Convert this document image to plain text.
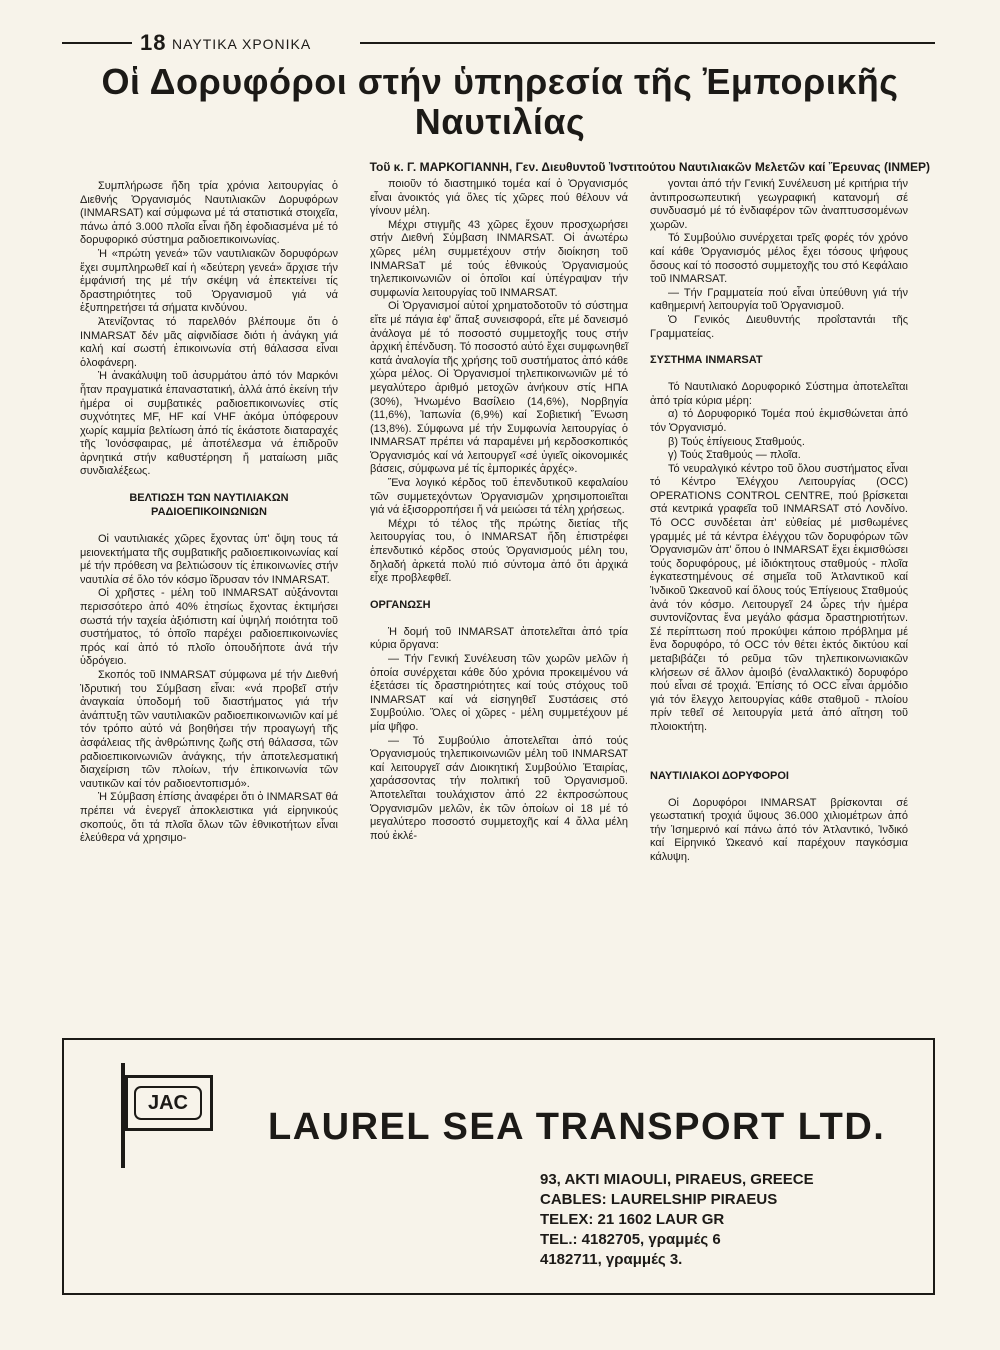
18 ΝΑΥΤΙΚΑ ΧΡΟΝΙΚΑ
Οἱ Δορυφόροι στήν ὑπηρεσία τῆς Ἐμπορικῆς
Ναυτιλίας
Τοῦ κ. Γ. ΜΑΡΚΟΓΙΑΝΝΗ, Γεν. Διευθυντοῦ Ἰνστιτούτου Ναυτιλιακῶν Μελετῶν καί Ἔρευνας (INMEP)

Συμπλήρωσε ἤδη τρία χρόνια λειτουργίας ὁ Διεθνής Ὀργανισμός Ναυτιλιακῶν Δορυφόρων (INMARSAT) καί σύμφωνα μέ τά στατιστικά στοιχεῖα, πάνω ἀπό 3.000 πλοῖα εἶναι ἤδη ἐφοδιασμένα μέ τό δορυφορικό σύστημα ραδιοεπικοινωνίας.

Ἡ «πρώτη γενεά» τῶν ναυτιλιακῶν δορυφόρων ἔχει συμπληρωθεῖ καί ἡ «δεύτερη γενεά» ἄρχισε τήν ἐμφάνισή της μέ τήν σκέψη νά ἐπεκτείνει τίς δραστηριότητες τοῦ Ὀργανισμοῦ γιά νά ἐξυπηρετήσει τά σήματα κινδύνου.

Ἀτενίζοντας τό παρελθόν βλέπουμε ὅτι ὁ INMARSAT δέν μᾶς αἰφνιδίασε διότι ἡ ἀνάγκη γιά καλή καί σωστή ἐπικοινωνία στή θάλασσα εἶναι ὁλοφάνερη.

Ἡ ἀνακάλυψη τοῦ ἀσυρμάτου ἀπό τόν Μαρκόνι ἦταν πραγματικά ἐπαναστατική, ἀλλά ἀπό ἐκείνη τήν ἡμέρα οἱ συμβατικές ραδιοεπικοινωνίες στίς συχνότητες MF, HF καί VHF ἀκόμα ὑπόφερουν χωρίς καμμία βελτίωση ἀπό τίς ἑκάστοτε διαταραχές τῆς Ἰονόσφαιρας, μέ ἀποτέλεσμα νά ἐπιδροῦν ἀρνητικά στήν καθυστέρηση ἤ ματαίωση μιᾶς συνδιαλέξεως.

ΒΕΛΤΙΩΣΗ ΤΩΝ ΝΑΥΤΙΛΙΑΚΩΝ ΡΑΔΙΟΕΠΙΚΟΙΝΩΝΙΩΝ

Οἱ ναυτιλιακές χῶρες ἔχοντας ὑπ' ὄψη τους τά μειονεκτήματα τῆς συμβατικῆς ραδιοεπικοινωνίας καί μέ τήν πρόθεση να βελτιώσουν τίς ἐπικοινωνίες στήν ναυτιλία σέ ὅλο τόν κόσμο ἵδρυσαν τόν INMARSAT.

Οἱ χρῆστες - μέλη τοῦ INMARSAT αὐξάνονται περισσότερο ἀπό 40% ἐτησίως ἔχοντας ἐκτιμήσει σωστά τήν ταχεία ἀξιόπιστη καί ὑψηλή ποιότητα τοῦ συστήματος, τό ὁποῖο παρέχει ραδιοεπικοινωνίες πρός καί ἀπό τό πλοῖο ὁπουδήποτε ἀνά τήν ὑδρόγειο.

Σκοπός τοῦ INMARSAT σύμφωνα μέ τήν Διεθνή Ἱδρυτική του Σύμβαση εἶναι: «νά προβεῖ στήν ἀναγκαία ὑποδομή τοῦ διαστήματος γιά τήν ἀνάπτυξη τῶν ναυτιλιακῶν ραδιοεπικοινωνιῶν καί μέ τόν τρόπο αὐτό νά βοηθήσει τήν προαγωγή τῆς ἀσφάλειας τῆς ἀνθρώπινης ζωῆς στή θάλασσα, τῶν ραδιοεπικοινωνιῶν ἀνάγκης, τήν ἀποτελεσματική διαχείριση τῶν πλοίων, τήν ἐπικοινωνία τῶν ναυτικῶν καί τόν ραδιοεντοπισμό».

Ἡ Σύμβαση ἐπίσης ἀναφέρει ὅτι ὁ INMARSAT θά πρέπει νά ἐνεργεῖ ἀποκλειστικα γιά εἰρηνικούς σκοπούς, ὅτι τά πλοῖα ὅλων τῶν ἐθνικοτήτων εἶναι ἐλεύθερα νά χρησιμο-

ποιοῦν τό διαστημικό τομέα καί ὁ Ὀργανισμός εἶναι ἀνοικτός γιά ὅλες τίς χῶρες πού θέλουν νά γίνουν μέλη.

Μέχρι στιγμῆς 43 χῶρες ἔχουν προσχωρήσει στήν Διεθνή Σύμβαση INMARSAT. Οἱ ἀνωτέρω χῶρες μέλη συμμετέχουν στήν διοίκηση τοῦ INMARSaT μέ τούς ἐθνικούς Ὀργανισμούς τηλεπικοινωνιῶν οἱ ὁποῖοι καί ὑπέγραψαν τήν συμφωνία λειτουργίας τοῦ INMARSAT.

Οἱ Ὀργανισμοί αὐτοί χρηματοδοτοῦν τό σύστημα εἴτε μέ πάγια ἐφ' ἅπαξ συνεισφορά, εἴτε μέ δανεισμό ἀνάλογα μέ τό ποσοστό συμμετοχῆς τους στήν ἀρχική ἐπένδυση. Τό ποσοστό αὐτό ἔχει συμφωνηθεῖ κατά ἀναλογία τῆς χρήσης τοῦ συστήματος ἀπό κάθε χώρα μέλος. Οἱ Ὀργανισμοί τηλεπικοινωνιῶν μέ τό μεγαλύτερο ἀριθμό μετοχῶν ἀνήκουν στίς ΗΠΑ (30%), Ἡνωμένο Βασίλειο (14,6%), Νορβηγία (11,6%), Ἰαπωνία (6,9%) καί Σοβιετική Ἕνωση (13,8%). Σύμφωνα μέ τήν Συμφωνία λειτουργίας ὁ INMARSAT πρέπει νά παραμένει μή κερδοσκοπικός Ὀργανισμός καί νά λειτουργεῖ «σέ ὑγιεῖς οἰκονομικές βάσεις, σύμφωνα μέ τίς ἐμπορικές ἀρχές».

Ἕνα λογικό κέρδος τοῦ ἐπενδυτικοῦ κεφαλαίου τῶν συμμετεχόντων Ὀργανισμῶν χρησιμοποιεῖται γιά νά ἐξισορροπήσει ἤ νά μειώσει τά τέλη χρήσεως.

Μέχρι τό τέλος τῆς πρώτης διετίας τῆς λειτουργίας του, ὁ INMARSAT ἤδη ἐπιστρέφει ἐπενδυτικό κέρδος στούς Ὀργανισμούς μέλη του, δηλαδή ἀρκετά πολύ πιό σύντομα ἀπό ὅτι ἀρχικά εἶχε προβλεφθεῖ.

ΟΡΓΑΝΩΣΗ

Ἡ δομή τοῦ INMARSAT ἀποτελεῖται ἀπό τρία κύρια ὄργανα:

— Τήν Γενική Συνέλευση τῶν χωρῶν μελῶν ἡ ὁποία συνέρχεται κάθε δύο χρόνια προκειμένου νά ἐξετάσει τίς δραστηριότητες καί τούς στόχους τοῦ INMARSAT καί νά εἰσηγηθεῖ Συστάσεις στό Συμβούλιο. Ὅλες οἱ χῶρες - μέλη συμμετέχουν μέ μία ψῆφο.

— Τό Συμβούλιο ἀποτελεῖται ἀπό τούς Ὀργανισμούς τηλεπικοινωνιῶν μέλη τοῦ INMARSAT καί λειτουργεῖ σάν Διοικητική Συμβούλιο Ἐταιρίας, χαράσσοντας τήν πολιτική τοῦ Ὀργανισμοῦ. Ἀποτελεῖται τουλάχιστον ἀπό 22 ἐκπροσώπους Ὀργανισμῶν μελῶν, ἐκ τῶν ὁποίων οἱ 18 μέ τό μεγαλύτερο ποσοστό συμμετοχῆς καί 4 ἄλλα μέλη πού ἐκλέ-

γονται ἀπό τήν Γενική Συνέλευση μέ κριτήρια τήν ἀντιπροσωπευτική γεωγραφική κατανομή σέ συνδυασμό μέ τό ἐνδιαφέρον τῶν ἀναπτυσσομένων χωρῶν.

Τό Συμβούλιο συνέρχεται τρεῖς φορές τόν χρόνο καί κάθε Ὀργανισμός μέλος ἔχει τόσους ψήφους ὅσους καί τό ποσοστό συμμετοχῆς του στό Κεφάλαιο τοῦ INMARSAT.

— Τήν Γραμματεία πού εἶναι ὑπεύθυνη γιά τήν καθημερινή λειτουργία τοῦ Ὀργανισμοῦ.

Ὁ Γενικός Διευθυντής προΐσταντάι τῆς Γραμματείας.

ΣΥΣΤΗΜΑ INMARSAT

Τό Ναυτιλιακό Δορυφορικό Σύστημα ἀποτελεῖται ἀπό τρία κύρια μέρη:

α) τό Δορυφορικό Τομέα πού ἐκμισθώνεται ἀπό τόν Ὀργανισμό.

β) Τούς ἐπίγειους Σταθμούς.

γ) Τούς Σταθμούς — πλοῖα.

Τό νευραλγικό κέντρο τοῦ ὅλου συστήματος εἶναι τό Κέντρο Ἐλέγχου Λειτουργίας (OCC) OPERATIONS CONTROL CENTRE, πού βρίσκεται στά κεντρικά γραφεῖα τοῦ INMARSAT στό Λονδίνο. Τό OCC συνδέεται ἀπ' εὐθείας μέ μισθωμένες γραμμές μέ τά κέντρα ἐλέγχου τῶν δορυφόρων τῶν Ὀργανισμῶν ἀπ' ὅπου ὁ INMARSAT ἔχει ἐκμισθώσει τούς δορυφόρους, μέ ἰδιόκτητους σταθμούς - πλοῖα ἐγκατεστημένους σέ σημεῖα τοῦ Ἀτλαντικοῦ καί Ἰνδικοῦ Ὠκεανοῦ καί ὅλους τούς Ἐπίγειους Σταθμούς ἀνά τόν κόσμο. Λειτουργεῖ 24 ὧρες τήν ἡμέρα συντονίζοντας ἕνα μεγάλο φάσμα δραστηριοτήτων. Σέ περίπτωση πού προκύψει κάποιο πρόβλημα μέ ἕνα δορυφόρο, τό OCC τόν θέτει ἐκτός δικτύου καί μεταβιβάζει τό ρεῦμα τῶν τηλεπικοινωνιακῶν κλήσεων σέ ἄλλον ἀμοιβό (ἐναλλακτικό) δορυφόρο πού εἶναι σέ τροχιά. Ἐπίσης τό OCC εἶναι ἁρμόδιο γιά τόν ἔλεγχο λειτουργίας κάθε σταθμοῦ - πλοίου πρίν τεθεῖ σέ λειτουργία μετά ἀπό αἴτηση τοῦ πλοιοκτήτη.

ΝΑΥΤΙΛΙΑΚΟΙ ΔΟΡΥΦΟΡΟΙ

Οἱ Δορυφόροι INMARSAT βρίσκονται σέ γεωστατική τροχιά ὕψους 36.000 χιλιομέτρων ἀπό τήν Ἰσημερινό καί πάνω ἀπό τόν Ἀτλαντικό, Ἰνδικό καί Εἰρηνικό Ὠκεανό καί παρέχουν παγκόσμια κάλυψη.

JAC
LAUREL SEA TRANSPORT LTD.
93, AKTI MIAOULI, PIRAEUS, GREECE
CABLES: LAURELSHIP PIRAEUS
TELEX: 21 1602 LAUR GR
TEL.: 4182705, γραμμές 6
4182711, γραμμές 3.
